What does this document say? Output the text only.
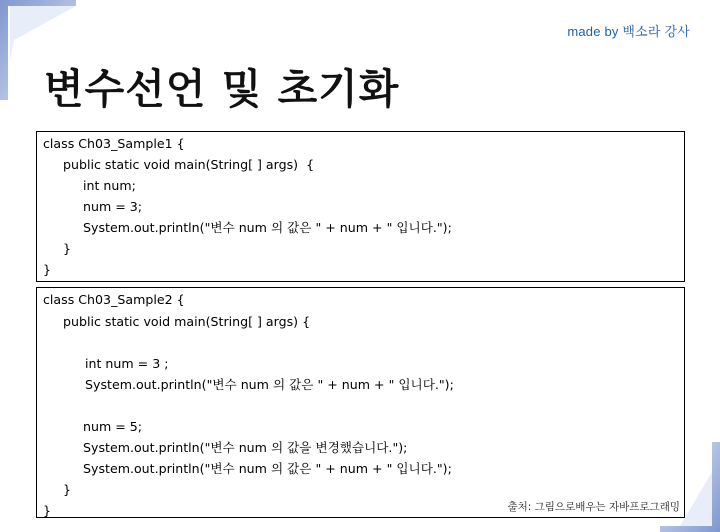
made by 백소라 강사
변수선언 및 초기화
class Ch03_Sample1 {
public static void main(String[ ] args)  {
int num;
num = 3;
System.out.println("변수 num 의 값은 " + num + " 입니다.");
}
}
class Ch03_Sample2 {
public static void main(String[ ] args) {
int num = 3 ;
System.out.println("변수 num 의 값은 " + num + " 입니다.");
num = 5;
System.out.println("변수 num 의 값을 변경했습니다.");
System.out.println("변수 num 의 값은 " + num + " 입니다.");
}
}	출처: 그림으로배우는 자바프로그래밍
